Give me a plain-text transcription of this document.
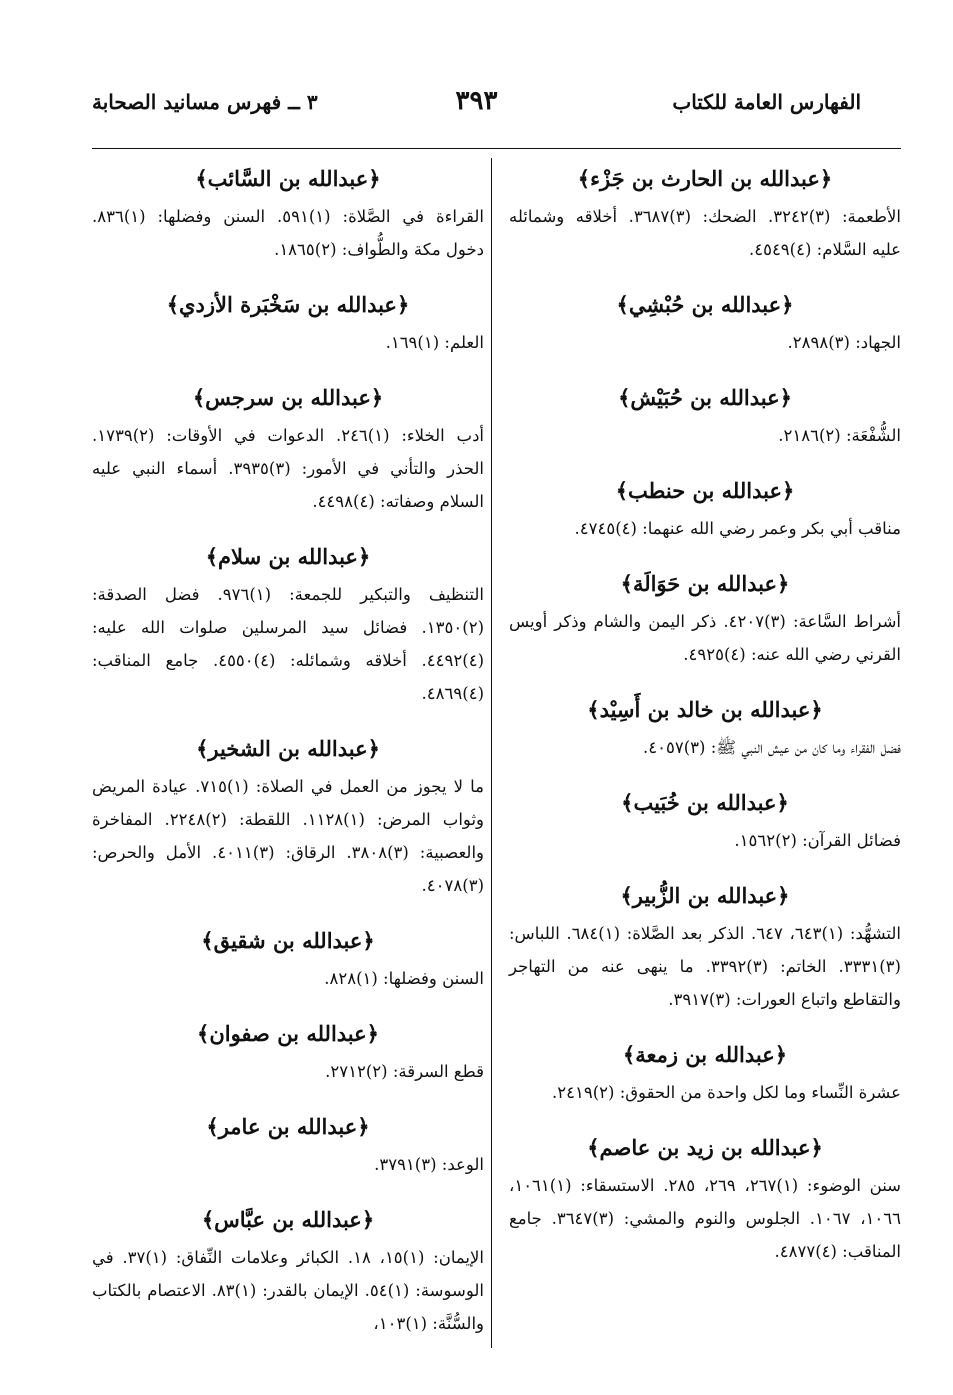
الفهارس العامة للكتاب
٣٩٣
٣ ــ فهرس مسانيد الصحابة
﴿عبدالله بن الحارث بن جَزْء﴾
الأطعمة: (٣)٣٢٤٢. الضحك: (٣)٣٦٨٧. أخلاقه وشمائله عليه السَّلام: (٤)٤٥٤٩.
﴿عبدالله بن حُبْشِي﴾
الجهاد: (٣)٢٨٩٨.
﴿عبدالله بن حُبَيْش﴾
الشُّفْعَة: (٢)٢١٨٦.
﴿عبدالله بن حنطب﴾
مناقب أبي بكر وعمر رضي الله عنهما: (٤)٤٧٤٥.
﴿عبدالله بن حَوَالَة﴾
أشراط السَّاعة: (٣)٤٢٠٧. ذكر اليمن والشام وذكر أويس القرني رضي الله عنه: (٤)٤٩٢٥.
﴿عبدالله بن خالد بن أَسِيْد﴾
فضل الفقراء وما كان من عيش النبي ﷺ: (٣)٤٠٥٧.
﴿عبدالله بن خُبَيب﴾
فضائل القرآن: (٢)١٥٦٢.
﴿عبدالله بن الزُّبير﴾
التشهُّد: (١)٦٤٣، ٦٤٧. الذكر بعد الصَّلاة: (١)٦٨٤. اللباس: (٣)٣٣٣١. الخاتم: (٣)٣٣٩٢. ما ينهى عنه من التهاجر والتقاطع واتباع العورات: (٣)٣٩١٧.
﴿عبدالله بن زمعة﴾
عشرة النِّساء وما لكل واحدة من الحقوق: (٢)٢٤١٩.
﴿عبدالله بن زيد بن عاصم﴾
سنن الوضوء: (١)٢٦٧، ٢٦٩، ٢٨٥. الاستسقاء: (١)١٠٦١، ١٠٦٦، ١٠٦٧. الجلوس والنوم والمشي: (٣)٣٦٤٧. جامع المناقب: (٤)٤٨٧٧.
﴿عبدالله بن السَّائب﴾
القراءة في الصَّلاة: (١)٥٩١. السنن وفضلها: (١)٨٣٦. دخول مكة والطُّواف: (٢)١٨٦٥.
﴿عبدالله بن سَخْبَرة الأزدي﴾
العلم: (١)١٦٩.
﴿عبدالله بن سرجس﴾
أدب الخلاء: (١)٢٤٦. الدعوات في الأوقات: (٢)١٧٣٩. الحذر والتأني في الأمور: (٣)٣٩٣٥. أسماء النبي عليه السلام وصفاته: (٤)٤٤٩٨.
﴿عبدالله بن سلام﴾
التنظيف والتبكير للجمعة: (١)٩٧٦. فضل الصدقة: (٢)١٣٥٠. فضائل سيد المرسلين صلوات الله عليه: (٤)٤٤٩٢. أخلاقه وشمائله: (٤)٤٥٥٠. جامع المناقب: (٤)٤٨٦٩.
﴿عبدالله بن الشخير﴾
ما لا يجوز من العمل في الصلاة: (١)٧١٥. عيادة المريض وثواب المرض: (١)١١٢٨. اللقطة: (٢)٢٢٤٨. المفاخرة والعصبية: (٣)٣٨٠٨. الرقاق: (٣)٤٠١١. الأمل والحرص: (٣)٤٠٧٨.
﴿عبدالله بن شقيق﴾
السنن وفضلها: (١)٨٢٨.
﴿عبدالله بن صفوان﴾
قطع السرقة: (٢)٢٧١٢.
﴿عبدالله بن عامر﴾
الوعد: (٣)٣٧٩١.
﴿عبدالله بن عبَّاس﴾
الإيمان: (١)١٥، ١٨. الكبائر وعلامات النِّفاق: (١)٣٧. في الوسوسة: (١)٥٤. الإيمان بالقدر: (١)٨٣. الاعتصام بالكتاب والسُّنَّة: (١)١٠٣،
